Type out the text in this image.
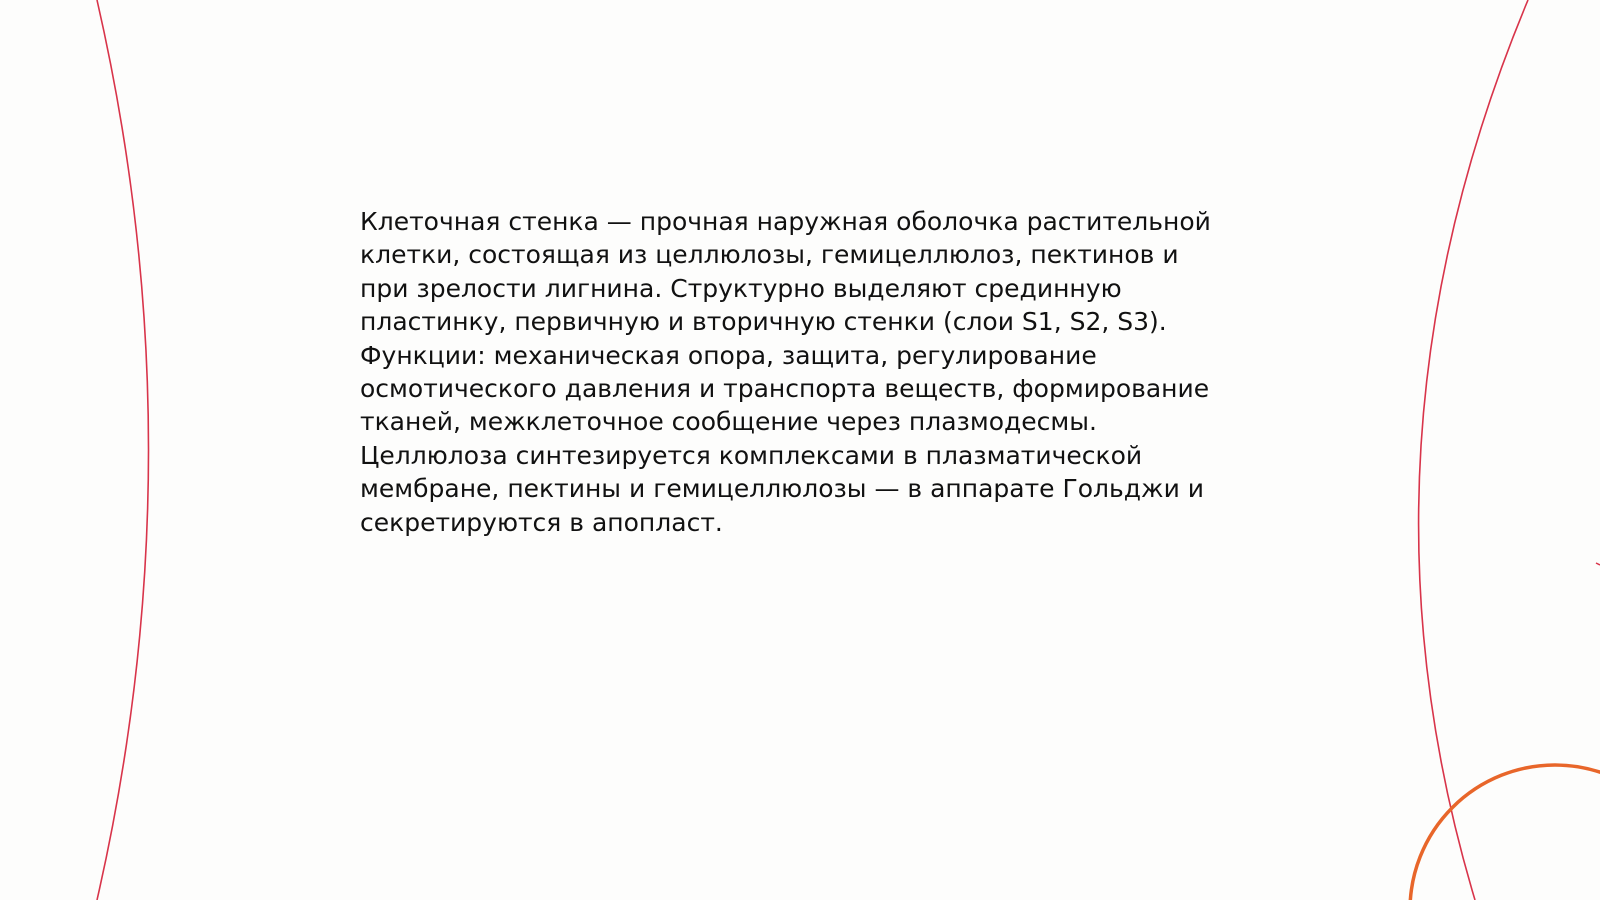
Клеточная стенка — прочная наружная оболочка растительной
клетки, состоящая из целлюлозы, гемицеллюлоз, пектинов и
при зрелости лигнина. Структурно выделяют срединную
пластинку, первичную и вторичную стенки (слои S1, S2, S3).
Функции: механическая опора, защита, регулирование
осмотического давления и транспорта веществ, формирование
тканей, межклеточное сообщение через плазмодесмы.
Целлюлоза синтезируется комплексами в плазматической
мембране, пектины и гемицеллюлозы — в аппарате Гольджи и
секретируются в апопласт.
